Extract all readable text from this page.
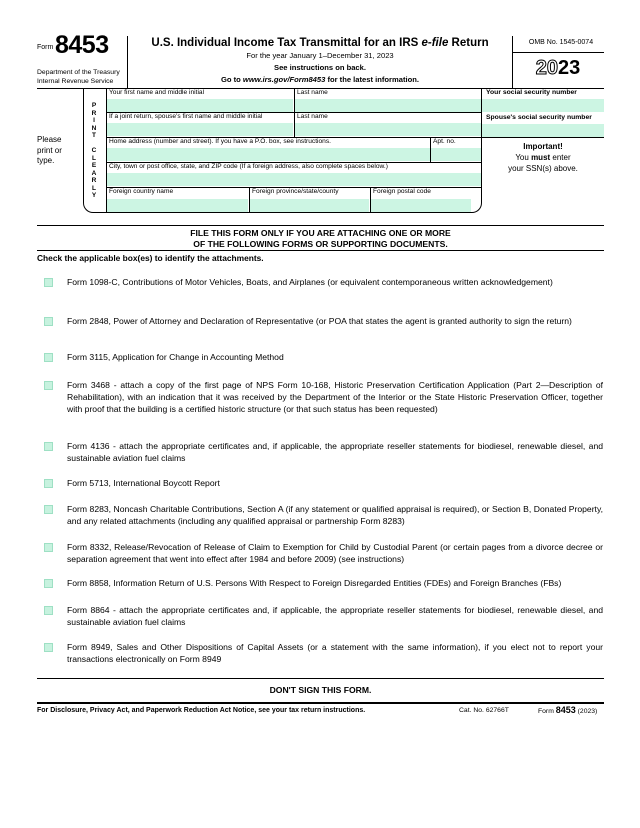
Form 8453
Department of the Treasury
Internal Revenue Service
U.S. Individual Income Tax Transmittal for an IRS e-file Return
For the year January 1–December 31, 2023
See instructions on back.
Go to www.irs.gov/Form8453 for the latest information.
OMB No. 1545-0074
2023
Please
print or
type.
P
R
I
N
T
C
L
E
A
R
L
Y
Your first name and middle initial	Last name
If a joint return, spouse's first name and middle initial	Last name
Home address (number and street). If you have a P.O. box, see instructions.	Apt. no.
City, town or post office, state, and ZIP code (If a foreign address, also complete spaces below.)
Foreign country name	Foreign province/state/county	Foreign postal code
Your social security number
Spouse's social security number
Important!
You must enter
your SSN(s) above.
FILE THIS FORM ONLY IF YOU ARE ATTACHING ONE OR MORE
OF THE FOLLOWING FORMS OR SUPPORTING DOCUMENTS.
Check the applicable box(es) to identify the attachments.
Form 1098-C, Contributions of Motor Vehicles, Boats, and Airplanes (or equivalent contemporaneous written acknowledgement)
Form 2848, Power of Attorney and Declaration of Representative (or POA that states the agent is granted authority to sign the return)
Form 3115, Application for Change in Accounting Method
Form 3468 - attach a copy of the first page of NPS Form 10-168, Historic Preservation Certification Application (Part 2—Description of Rehabilitation), with an indication that it was received by the Department of the Interior or the State Historic Preservation Officer, together with proof that the building is a certified historic structure (or that such status has been requested)
Form 4136 - attach the appropriate certificates and, if applicable, the appropriate reseller statements for biodiesel, renewable diesel, and sustainable aviation fuel claims
Form 5713, International Boycott Report
Form 8283, Noncash Charitable Contributions, Section A (if any statement or qualified appraisal is required), or Section B, Donated Property, and any related attachments (including any qualified appraisal or partnership Form 8283)
Form 8332, Release/Revocation of Release of Claim to Exemption for Child by Custodial Parent (or certain pages from a divorce decree or separation agreement that went into effect after 1984 and before 2009) (see instructions)
Form 8858, Information Return of U.S. Persons With Respect to Foreign Disregarded Entities (FDEs) and Foreign Branches (FBs)
Form 8864 - attach the appropriate certificates and, if applicable, the appropriate reseller statements for biodiesel, renewable diesel, and sustainable aviation fuel claims
Form 8949, Sales and Other Dispositions of Capital Assets (or a statement with the same information), if you elect not to report your transactions electronically on Form 8949
DON'T SIGN THIS FORM.
For Disclosure, Privacy Act, and Paperwork Reduction Act Notice, see your tax return instructions.	Cat. No. 62766T	Form 8453 (2023)
